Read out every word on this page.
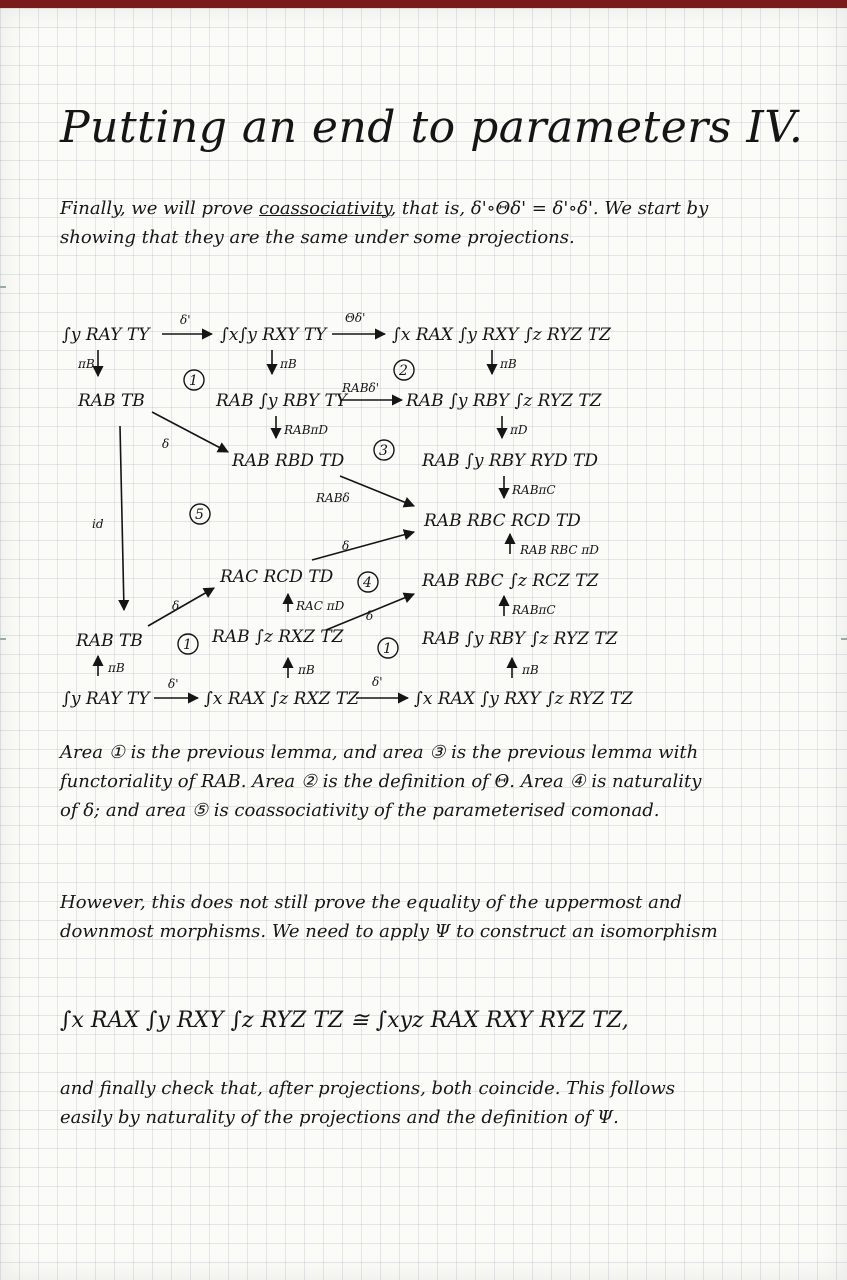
Putting an end to parameters IV.

Finally, we will prove coassociativity, that is, δ'∘Θδ' = δ'∘δ'. We start by showing that they are the same under some projections.

∫y RAY TY
δ'
∫x∫y RXY TY
Θδ'
∫x RAX ∫y RXY ∫z RYZ TZ
πB	πB	πB
RAB TB
1
RAB ∫y RBY TY
2
RABδ'
RAB ∫y RBY ∫z RYZ TZ
RABπD	πD
δ
RAB RBD TD 3 RAB ∫y RBY RYD TD
RABπC
RABδ
5
id	RAB RBC RCD TD
RAB RBC πD
δ
RAC RCD TD 4	RAB RBC ∫z RCZ TZ
RAC πD	RABπC
δ
δ
RAB TB	1 RAB ∫z RXZ TZ
1 RAB ∫y RBY ∫z RYZ TZ
πB	πB	πB
∫y RAY TY
δ'
∫x RAX ∫z RXZ TZ
δ'
∫x RAX ∫y RXY ∫z RYZ TZ

Area ① is the previous lemma, and area ③ is the previous lemma with functoriality of RAB. Area ② is the definition of Θ. Area ④ is naturality of δ; and area ⑤ is coassociativity of the parameterised comonad.

However, this does not still prove the equality of the uppermost and downmost morphisms. We need to apply Ψ to construct an isomorphism

∫x RAX ∫y RXY ∫z RYZ TZ ≅ ∫xyz RAX RXY RYZ TZ,

and finally check that, after projections, both coincide. This follows easily by naturality of the projections and the definition of Ψ.
